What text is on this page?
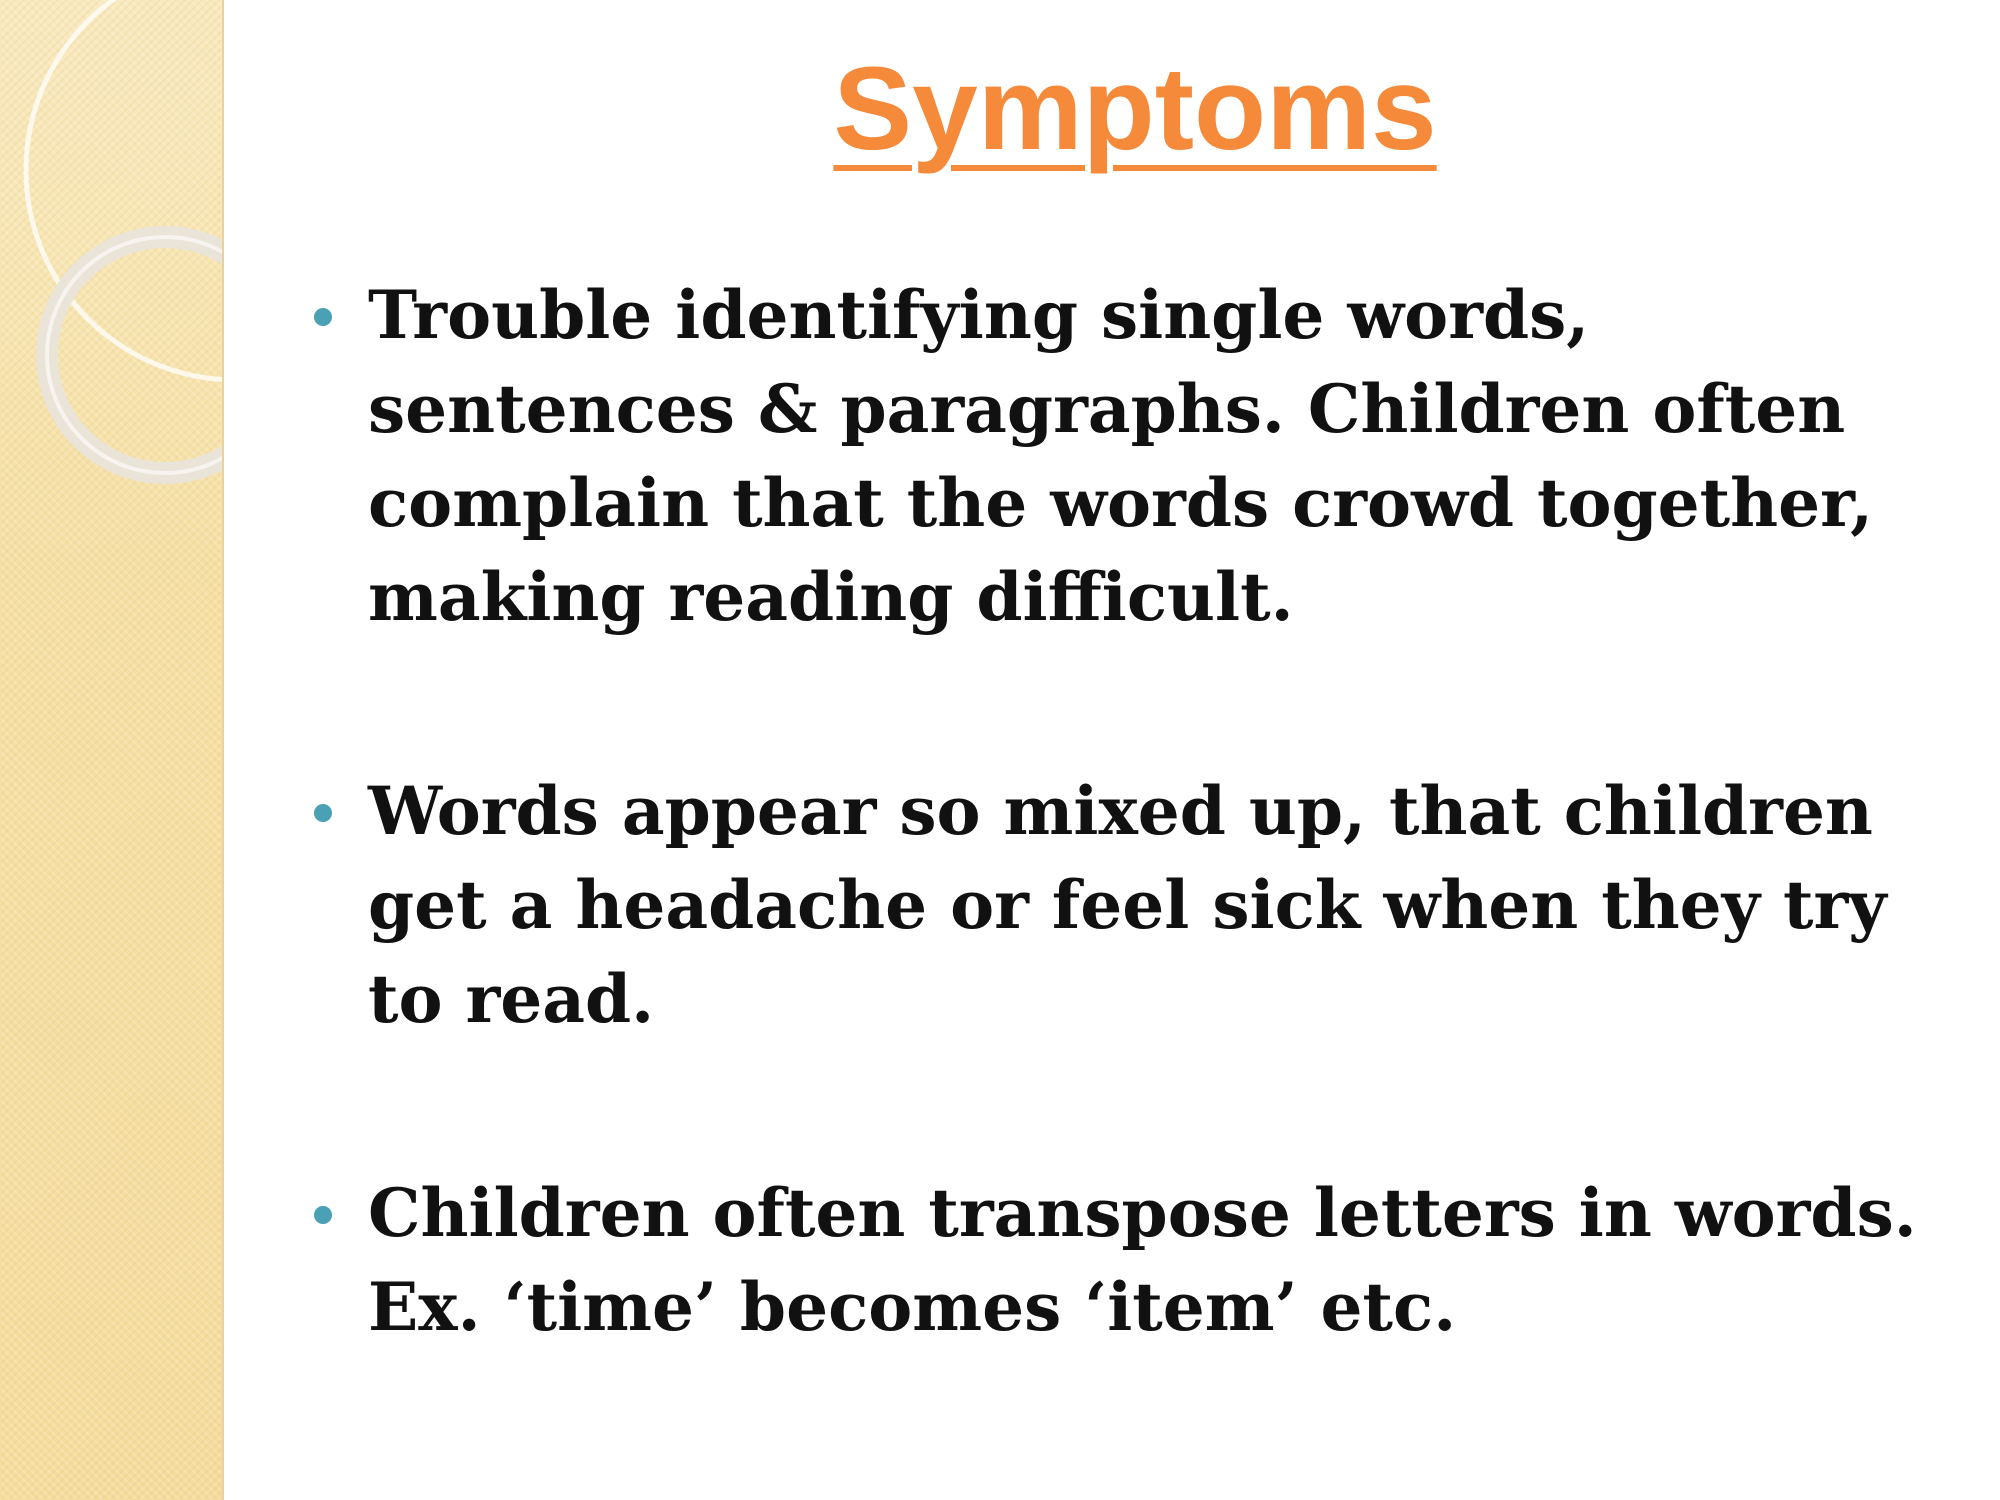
Symptoms
Trouble identifying single words, sentences & paragraphs. Children often complain that the words crowd together, making reading difficult.
Words appear so mixed up, that children get a headache or feel sick when they try to read.
Children often transpose letters in words. Ex. ‘time’ becomes ‘item’ etc.
